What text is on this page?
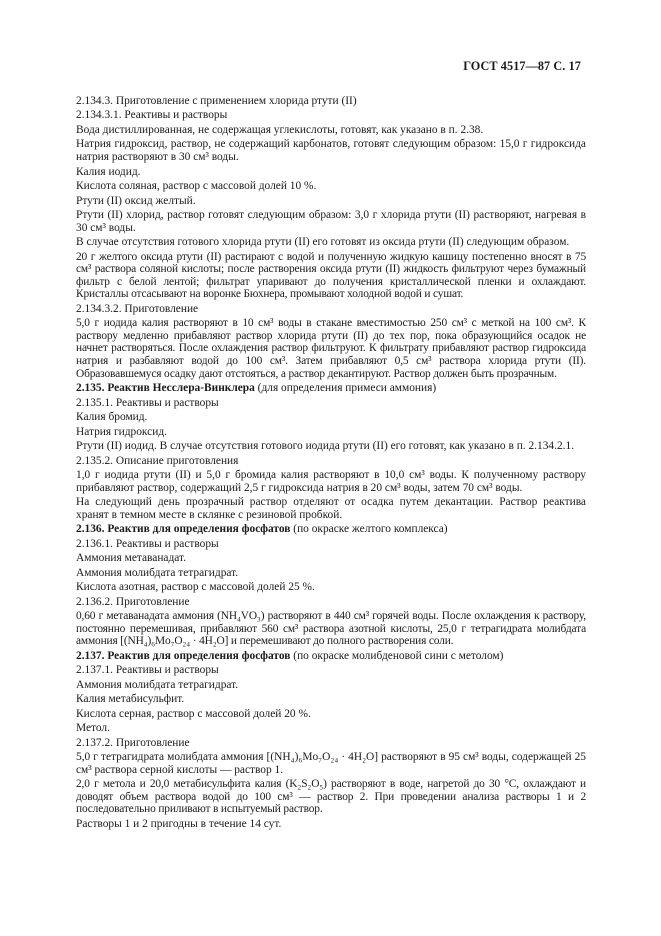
ГОСТ 4517—87 С. 17
2.134.3. Приготовление с применением хлорида ртути (II)
2.134.3.1. Реактивы и растворы
Вода дистиллированная, не содержащая углекислоты, готовят, как указано в п. 2.38.
Натрия гидроксид, раствор, не содержащий карбонатов, готовят следующим образом: 15,0 г гидроксида натрия растворяют в 30 см³ воды.
Калия иодид.
Кислота соляная, раствор с массовой долей 10 %.
Ртути (II) оксид желтый.
Ртути (II) хлорид, раствор готовят следующим образом: 3,0 г хлорида ртути (II) растворяют, нагревая в 30 см³ воды.
В случае отсутствия готового хлорида ртути (II) его готовят из оксида ртути (II) следующим образом.
20 г желтого оксида ртути (II) растирают с водой и полученную жидкую кашицу постепенно вносят в 75 см³ раствора соляной кислоты; после растворения оксида ртути (II) жидкость фильтруют через бумажный фильтр с белой лентой; фильтрат упаривают до получения кристаллической пленки и охлаждают. Кристаллы отсасывают на воронке Бюхнера, промывают холодной водой и сушат.
2.134.3.2. Приготовление
5,0 г иодида калия растворяют в 10 см³ воды в стакане вместимостью 250 см³ с меткой на 100 см³. К раствору медленно прибавляют раствор хлорида ртути (II) до тех пор, пока образующийся осадок не начнет растворяться. После охлаждения раствор фильтруют. К фильтрату прибавляют раствор гидроксида натрия и разбавляют водой до 100 см³. Затем прибавляют 0,5 см³ раствора хлорида ртути (II). Образовавшемуся осадку дают отстояться, а раствор декантируют. Раствор должен быть прозрачным.
2.135. Реактив Несслера-Винклера (для определения примеси аммония)
2.135.1. Реактивы и растворы
Калия бромид.
Натрия гидроксид.
Ртути (II) иодид. В случае отсутствия готового иодида ртути (II) его готовят, как указано в п. 2.134.2.1.
2.135.2. Описание приготовления
1,0 г иодида ртути (II) и 5,0 г бромида калия растворяют в 10,0 см³ воды. К полученному раствору прибавляют раствор, содержащий 2,5 г гидроксида натрия в 20 см³ воды, затем 70 см³ воды.
На следующий день прозрачный раствор отделяют от осадка путем декантации. Раствор реактива хранят в темном месте в склянке с резиновой пробкой.
2.136. Реактив для определения фосфатов (по окраске желтого комплекса)
2.136.1. Реактивы и растворы
Аммония метаванадат.
Аммония молибдата тетрагидрат.
Кислота азотная, раствор с массовой долей 25 %.
2.136.2. Приготовление
0,60 г метаванадата аммония (NH₄VO₃) растворяют в 440 см³ горячей воды. После охлаждения к раствору, постоянно перемешивая, прибавляют 560 см³ раствора азотной кислоты, 25,0 г тетрагидрата молибдата аммония [(NH₄)₆Mo₇O₂₄ · 4H₂O] и перемешивают до полного растворения соли.
2.137. Реактив для определения фосфатов (по окраске молибденовой сини с метолом)
2.137.1. Реактивы и растворы
Аммония молибдата тетрагидрат.
Калия метабисульфит.
Кислота серная, раствор с массовой долей 20 %.
Метол.
2.137.2. Приготовление
5,0 г тетрагидрата молибдата аммония [(NH₄)₆Mo₇O₂₄ · 4H₂O] растворяют в 95 см³ воды, содержащей 25 см³ раствора серной кислоты — раствор 1.
2,0 г метола и 20,0 метабисульфита калия (K₂S₂O₅) растворяют в воде, нагретой до 30 °С, охлаждают и доводят объем раствора водой до 100 см³ — раствор 2. При проведении анализа растворы 1 и 2 последовательно приливают в испытуемый раствор.
Растворы 1 и 2 пригодны в течение 14 сут.
